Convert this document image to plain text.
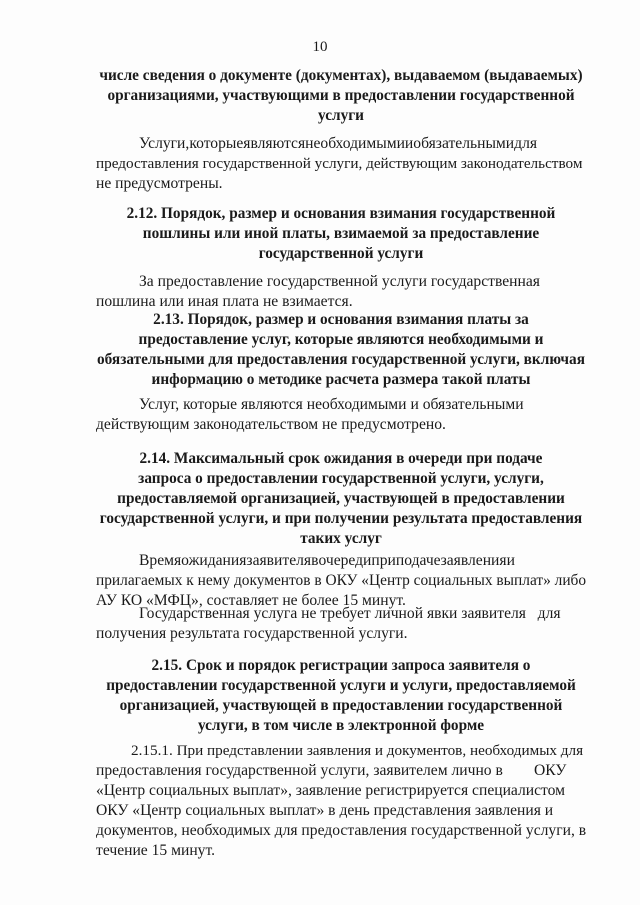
10
числе сведения о документе (документах), выдаваемом (выдаваемых)
организациями, участвующими в предоставлении государственной
услуги
Услуги,которыеявляютсянеобходимымииобязательнымидля
предоставления государственной услуги, действующим законодательством
не предусмотрены.
2.12. Порядок, размер и основания взимания государственной
пошлины или иной платы, взимаемой за предоставление
государственной услуги
За предоставление государственной услуги государственная
пошлина или иная плата не взимается.
2.13. Порядок, размер и основания взимания платы за
предоставление услуг, которые являются необходимыми и
обязательными для предоставления государственной услуги, включая
информацию о методике расчета размера такой платы
Услуг, которые являются необходимыми и обязательными
действующим законодательством не предусмотрено.
2.14. Максимальный срок ожидания в очереди при подаче
запроса о предоставлении государственной услуги, услуги,
предоставляемой организацией, участвующей в предоставлении
государственной услуги, и при получении результата предоставления
таких услуг
Времяожиданиязаявителявочередиприподачезаявленияи
прилагаемых к нему документов в ОКУ «Центр социальных выплат» либо
АУ КО «МФЦ», составляет не более 15 минут.
Государственная услуга не требует личной явки заявителя   для
получения результата государственной услуги.
2.15. Срок и порядок регистрации запроса заявителя о
предоставлении государственной услуги и услуги, предоставляемой
организацией, участвующей в предоставлении государственной
услуги, в том числе в электронной форме
2.15.1. При представлении заявления и документов, необходимых для
предоставления государственной услуги, заявителем лично в        ОКУ
«Центр социальных выплат», заявление регистрируется специалистом
ОКУ «Центр социальных выплат» в день представления заявления и
документов, необходимых для предоставления государственной услуги, в
течение 15 минут.
